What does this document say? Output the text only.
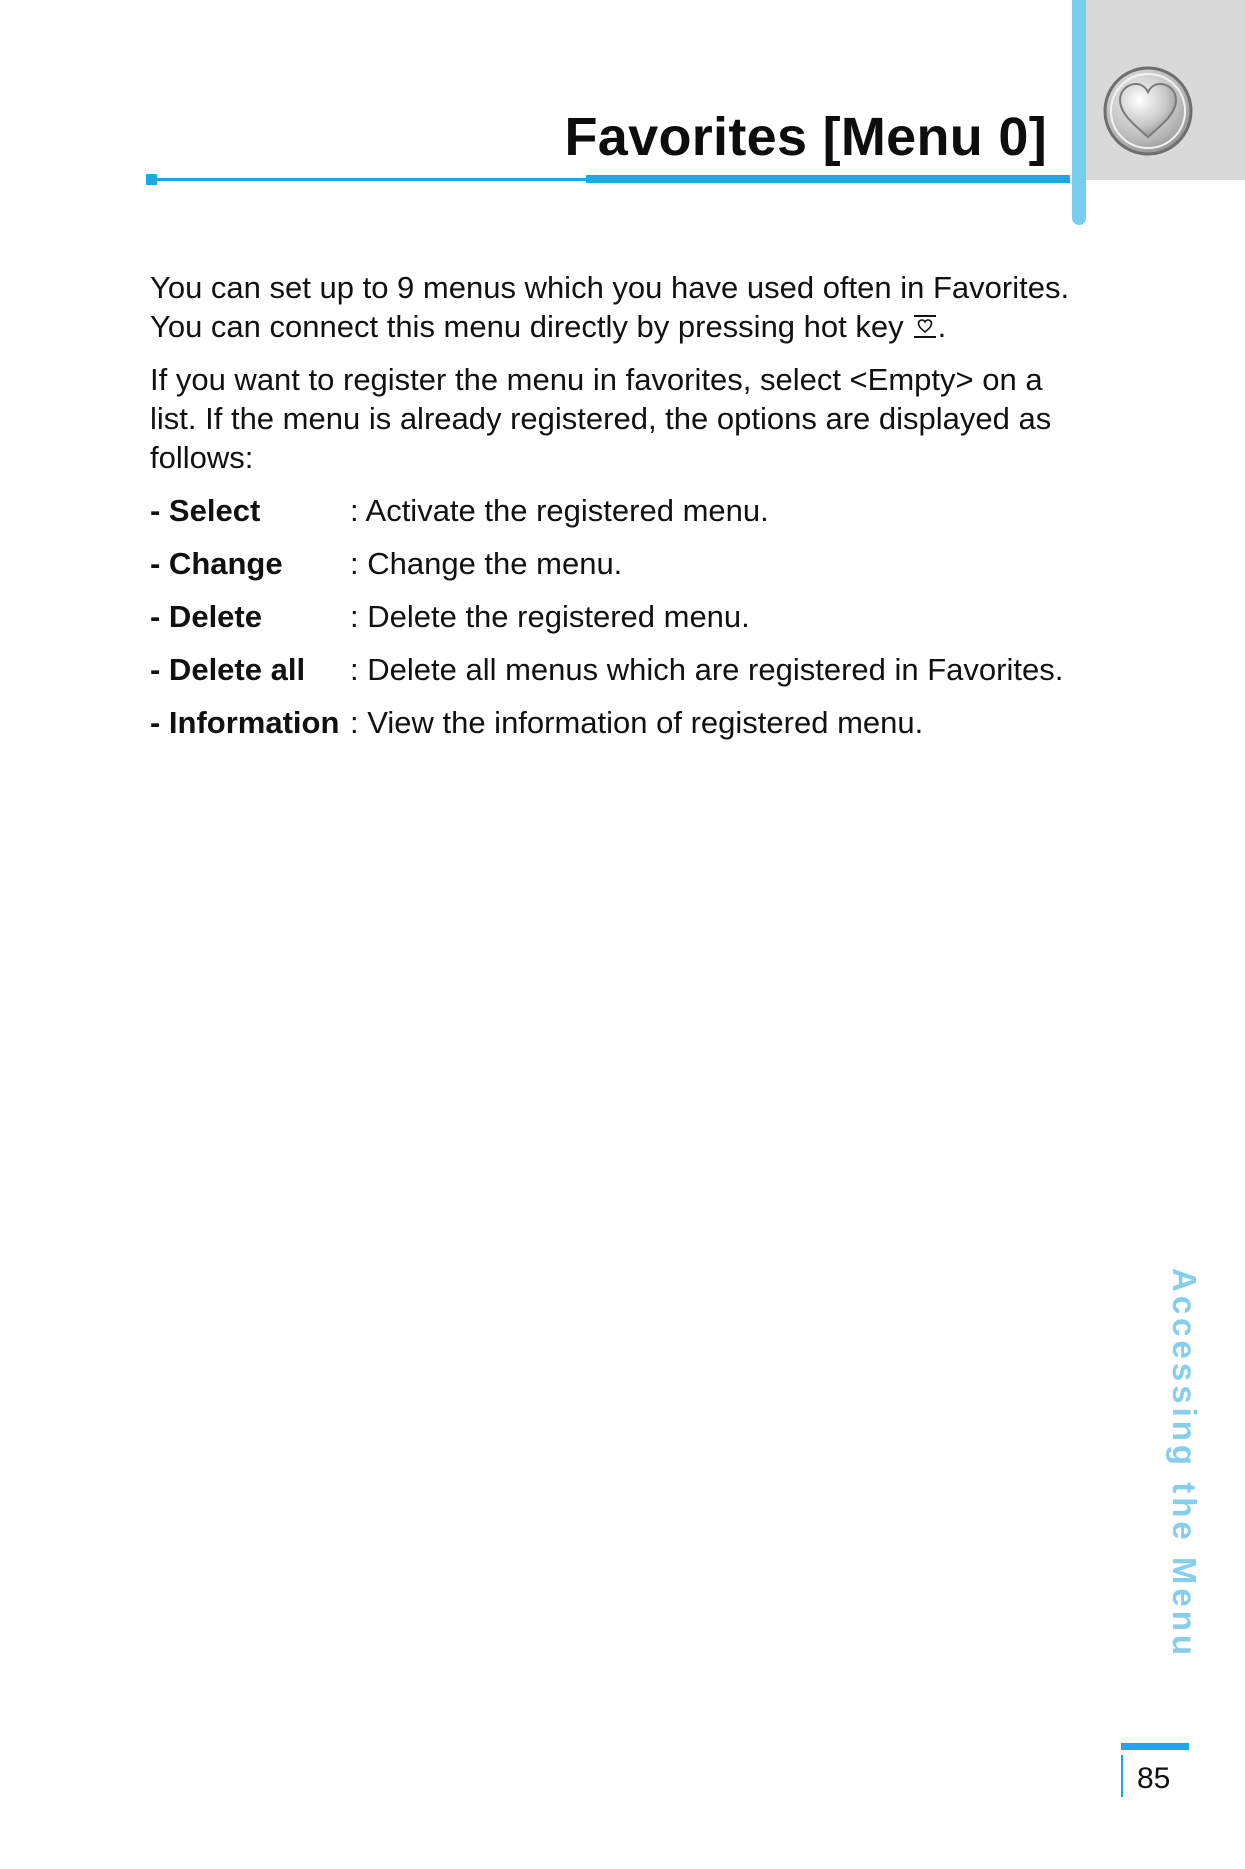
Favorites [Menu 0]

You can set up to 9 menus which you have used often in Favorites.
You can connect this menu directly by pressing hot key .

If you want to register the menu in favorites, select <Empty> on a
list. If the menu is already registered, the options are displayed as
follows:

- Select	: Activate the registered menu.
- Change	: Change the menu.
- Delete	: Delete the registered menu.
- Delete all	: Delete all menus which are registered in Favorites.
- Information : View the information of registered menu.
Accessing the Menu
85
